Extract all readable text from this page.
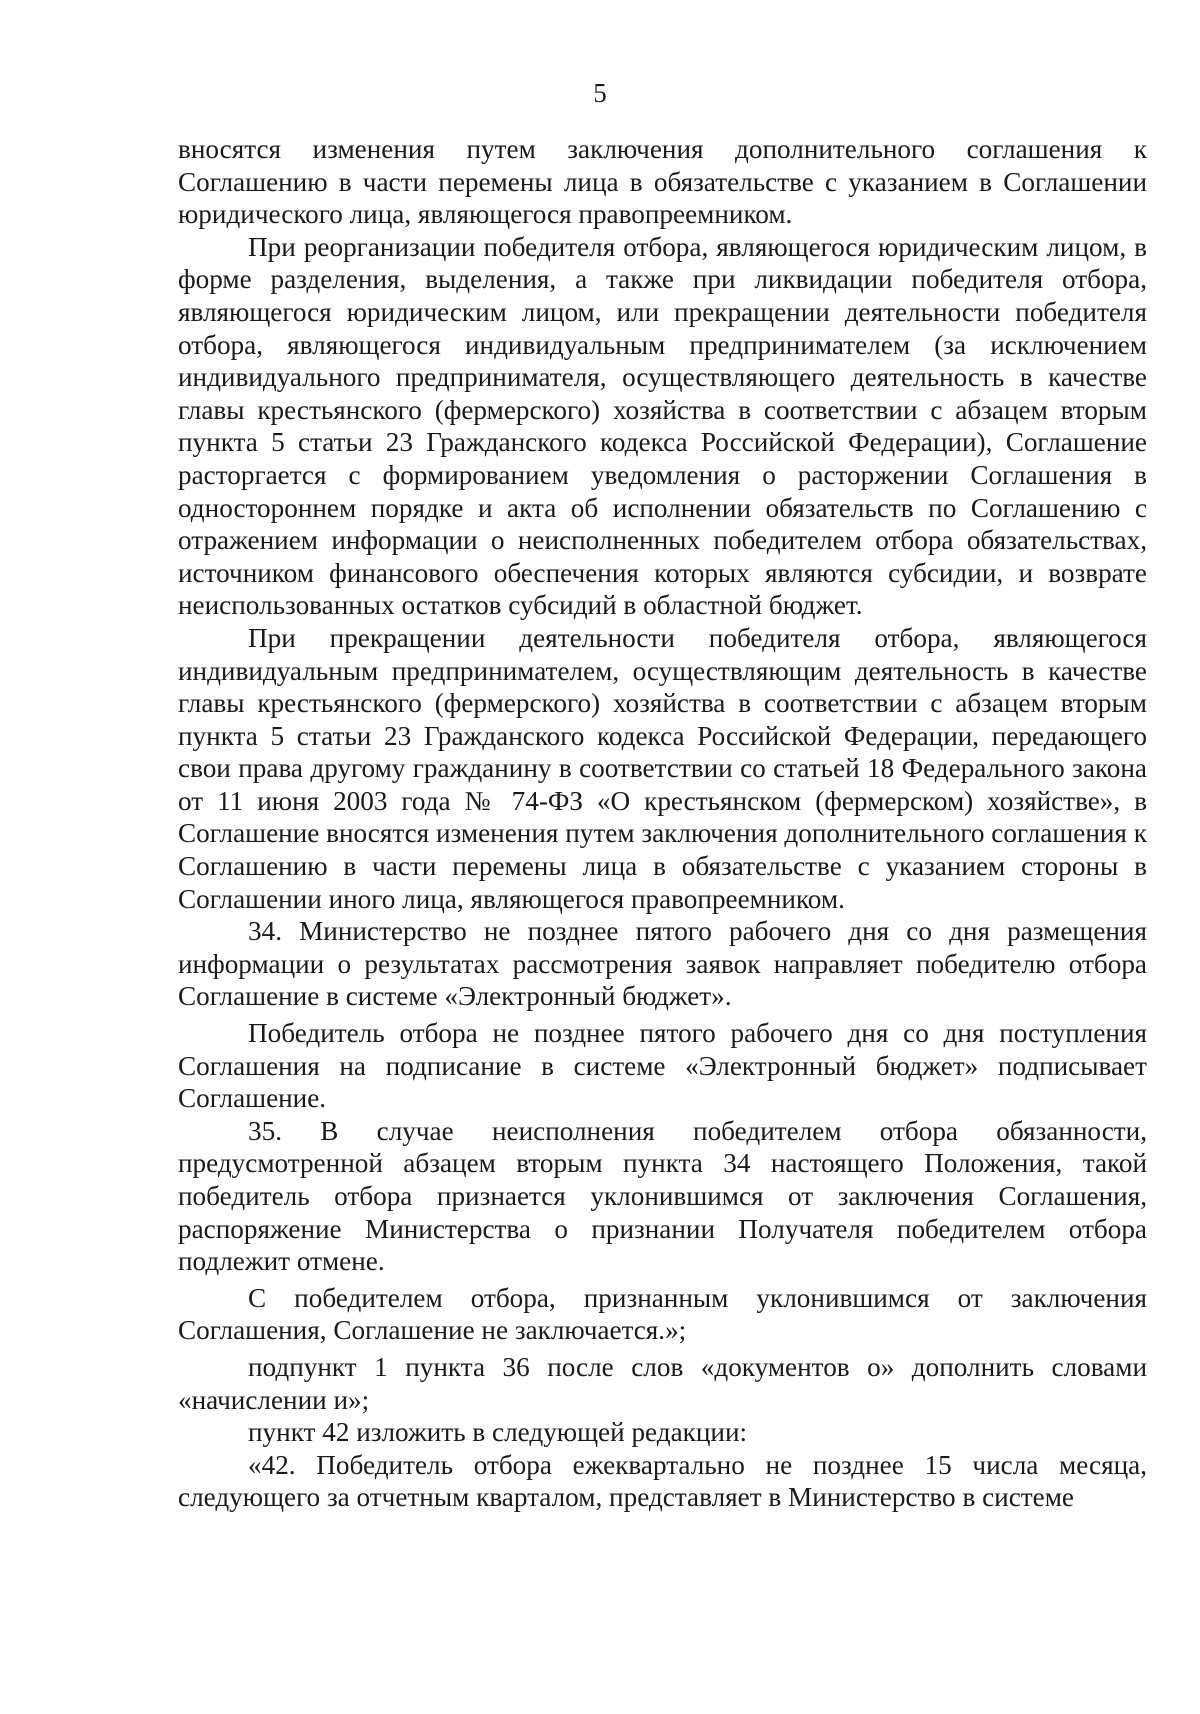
5

вносятся изменения путем заключения дополнительного соглашения к Соглашению в части перемены лица в обязательстве с указанием в Соглашении юридического лица, являющегося правопреемником.

При реорганизации победителя отбора, являющегося юридическим лицом, в форме разделения, выделения, а также при ликвидации победителя отбора, являющегося юридическим лицом, или прекращении деятельности победителя отбора, являющегося индивидуальным предпринимателем (за исключением индивидуального предпринимателя, осуществляющего деятельность в качестве главы крестьянского (фермерского) хозяйства в соответствии с абзацем вторым пункта 5 статьи 23 Гражданского кодекса Российской Федерации), Соглашение расторгается с формированием уведомления о расторжении Соглашения в одностороннем порядке и акта об исполнении обязательств по Соглашению с отражением информации о неисполненных победителем отбора обязательствах, источником финансового обеспечения которых являются субсидии, и возврате неиспользованных остатков субсидий в областной бюджет.

При прекращении деятельности победителя отбора, являющегося индивидуальным предпринимателем, осуществляющим деятельность в качестве главы крестьянского (фермерского) хозяйства в соответствии с абзацем вторым пункта 5 статьи 23 Гражданского кодекса Российской Федерации, передающего свои права другому гражданину в соответствии со статьей 18 Федерального закона от 11 июня 2003 года № 74-ФЗ «О крестьянском (фермерском) хозяйстве», в Соглашение вносятся изменения путем заключения дополнительного соглашения к Соглашению в части перемены лица в обязательстве с указанием стороны в Соглашении иного лица, являющегося правопреемником.

34. Министерство не позднее пятого рабочего дня со дня размещения информации о результатах рассмотрения заявок направляет победителю отбора Соглашение в системе «Электронный бюджет».

Победитель отбора не позднее пятого рабочего дня со дня поступления Соглашения на подписание в системе «Электронный бюджет» подписывает Соглашение.

35. В случае неисполнения победителем отбора обязанности, предусмотренной абзацем вторым пункта 34 настоящего Положения, такой победитель отбора признается уклонившимся от заключения Соглашения, распоряжение Министерства о признании Получателя победителем отбора подлежит отмене.

С победителем отбора, признанным уклонившимся от заключения Соглашения, Соглашение не заключается.»;

подпункт 1 пункта 36 после слов «документов о» дополнить словами «начислении и»;

пункт 42 изложить в следующей редакции:

«42. Победитель отбора ежеквартально не позднее 15 числа месяца, следующего за отчетным кварталом, представляет в Министерство в системе
